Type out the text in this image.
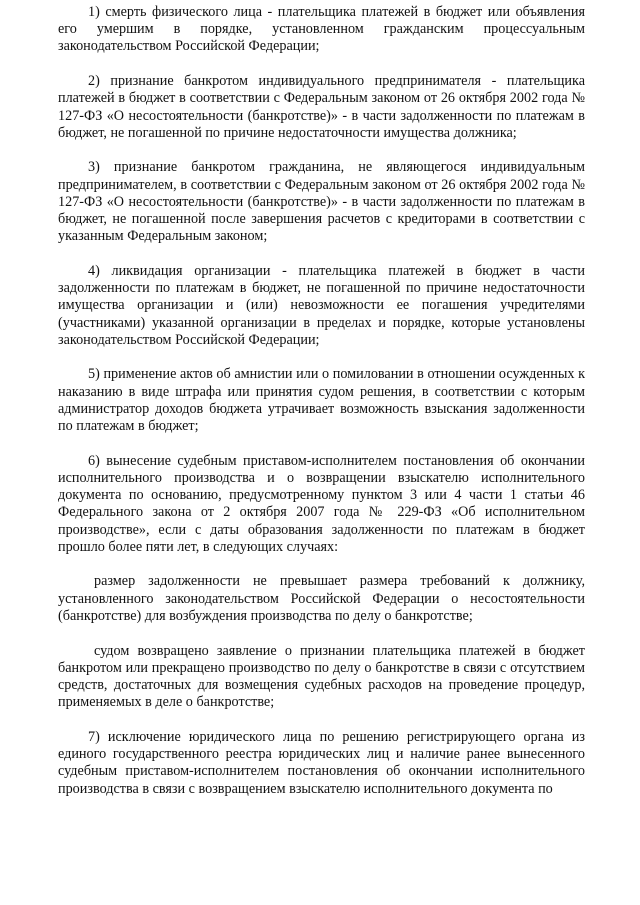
1) смерть физического лица - плательщика платежей в бюджет или объявления его умершим в порядке, установленном гражданским процессуальным законодательством Российской Федерации;

2) признание банкротом индивидуального предпринимателя - плательщика платежей в бюджет в соответствии с Федеральным законом от 26 октября 2002 года № 127-ФЗ «О несостоятельности (банкротстве)» - в части задолженности по платежам в бюджет, не погашенной по причине недостаточности имущества должника;

3) признание банкротом гражданина, не являющегося индивидуальным предпринимателем, в соответствии с Федеральным законом от 26 октября 2002 года № 127-ФЗ «О несостоятельности (банкротстве)» - в части задолженности по платежам в бюджет, не погашенной после завершения расчетов с кредиторами в соответствии с указанным Федеральным законом;

4) ликвидация организации - плательщика платежей в бюджет в части задолженности по платежам в бюджет, не погашенной по причине недостаточности имущества организации и (или) невозможности ее погашения учредителями (участниками) указанной организации в пределах и порядке, которые установлены законодательством Российской Федерации;

5) применение актов об амнистии или о помиловании в отношении осужденных к наказанию в виде штрафа или принятия судом решения, в соответствии с которым администратор доходов бюджета утрачивает возможность взыскания задолженности по платежам в бюджет;

6) вынесение судебным приставом-исполнителем постановления об окончании исполнительного производства и о возвращении взыскателю исполнительного документа по основанию, предусмотренному пунктом 3 или 4 части 1 статьи 46 Федерального закона от 2 октября 2007 года № 229-ФЗ «Об исполнительном производстве», если с даты образования задолженности по платежам в бюджет прошло более пяти лет, в следующих случаях:

размер задолженности не превышает размера требований к должнику, установленного законодательством Российской Федерации о несостоятельности (банкротстве) для возбуждения производства по делу о банкротстве;

судом возвращено заявление о признании плательщика платежей в бюджет банкротом или прекращено производство по делу о банкротстве в связи с отсутствием средств, достаточных для возмещения судебных расходов на проведение процедур, применяемых в деле о банкротстве;

7) исключение юридического лица по решению регистрирующего органа из единого государственного реестра юридических лиц и наличие ранее вынесенного судебным приставом-исполнителем постановления об окончании исполнительного производства в связи с возвращением взыскателю исполнительного документа по
